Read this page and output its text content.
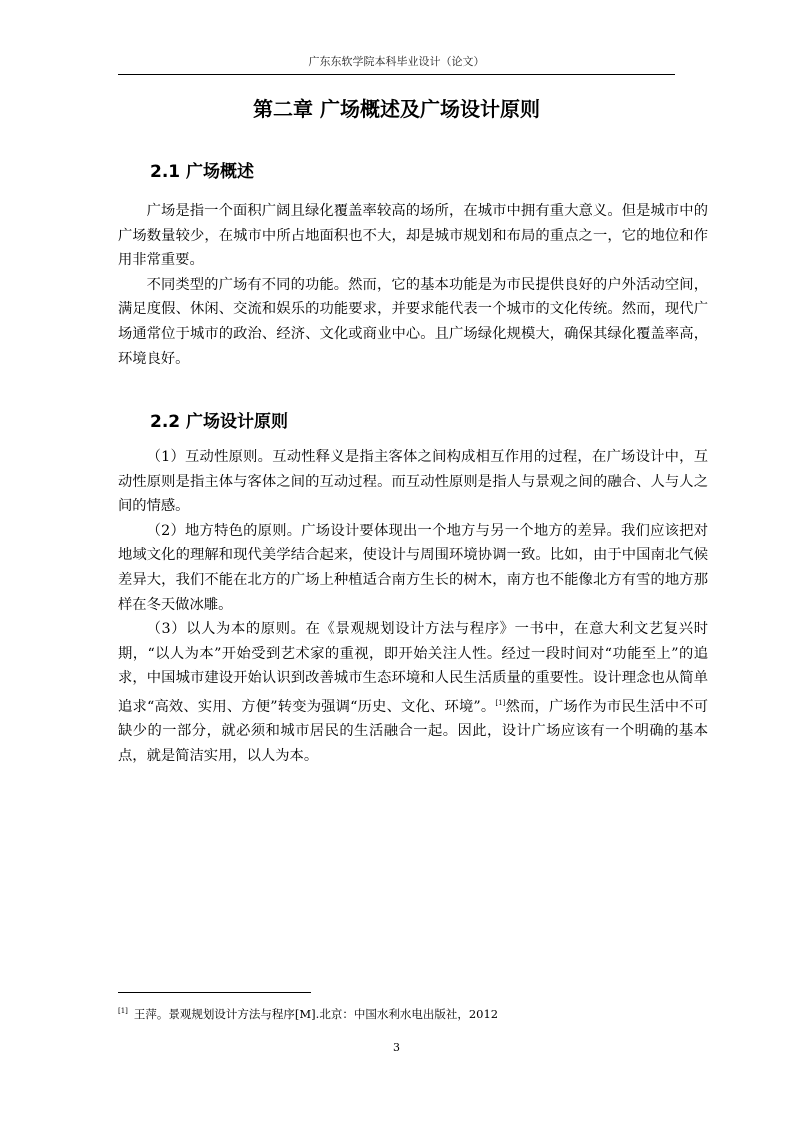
广东东软学院本科毕业设计（论文）
第二章 广场概述及广场设计原则
2.1 广场概述

广场是指一个面积广阔且绿化覆盖率较高的场所，在城市中拥有重大意义。但是城市中的广场数量较少，在城市中所占地面积也不大，却是城市规划和布局的重点之一，它的地位和作用非常重要。

不同类型的广场有不同的功能。然而，它的基本功能是为市民提供良好的户外活动空间，满足度假、休闲、交流和娱乐的功能要求，并要求能代表一个城市的文化传统。然而，现代广场通常位于城市的政治、经济、文化或商业中心。且广场绿化规模大，确保其绿化覆盖率高，环境良好。

2.2 广场设计原则

（1）互动性原则。互动性释义是指主客体之间构成相互作用的过程，在广场设计中，互动性原则是指主体与客体之间的互动过程。而互动性原则是指人与景观之间的融合、人与人之间的情感。

（2）地方特色的原则。广场设计要体现出一个地方与另一个地方的差异。我们应该把对地域文化的理解和现代美学结合起来，使设计与周围环境协调一致。比如，由于中国南北气候差异大，我们不能在北方的广场上种植适合南方生长的树木，南方也不能像北方有雪的地方那样在冬天做冰雕。

（3）以人为本的原则。在《景观规划设计方法与程序》一书中，在意大利文艺复兴时期，“以人为本”开始受到艺术家的重视，即开始关注人性。经过一段时间对“功能至上”的追求，中国城市建设开始认识到改善城市生态环境和人民生活质量的重要性。设计理念也从简单追求“高效、实用、方便”转变为强调“历史、文化、环境”。[1]然而，广场作为市民生活中不可缺少的一部分，就必须和城市居民的生活融合一起。因此，设计广场应该有一个明确的基本点，就是简洁实用，以人为本。

[1] 王萍。景观规划设计方法与程序[M].北京：中国水利水电出版社，2012
3
